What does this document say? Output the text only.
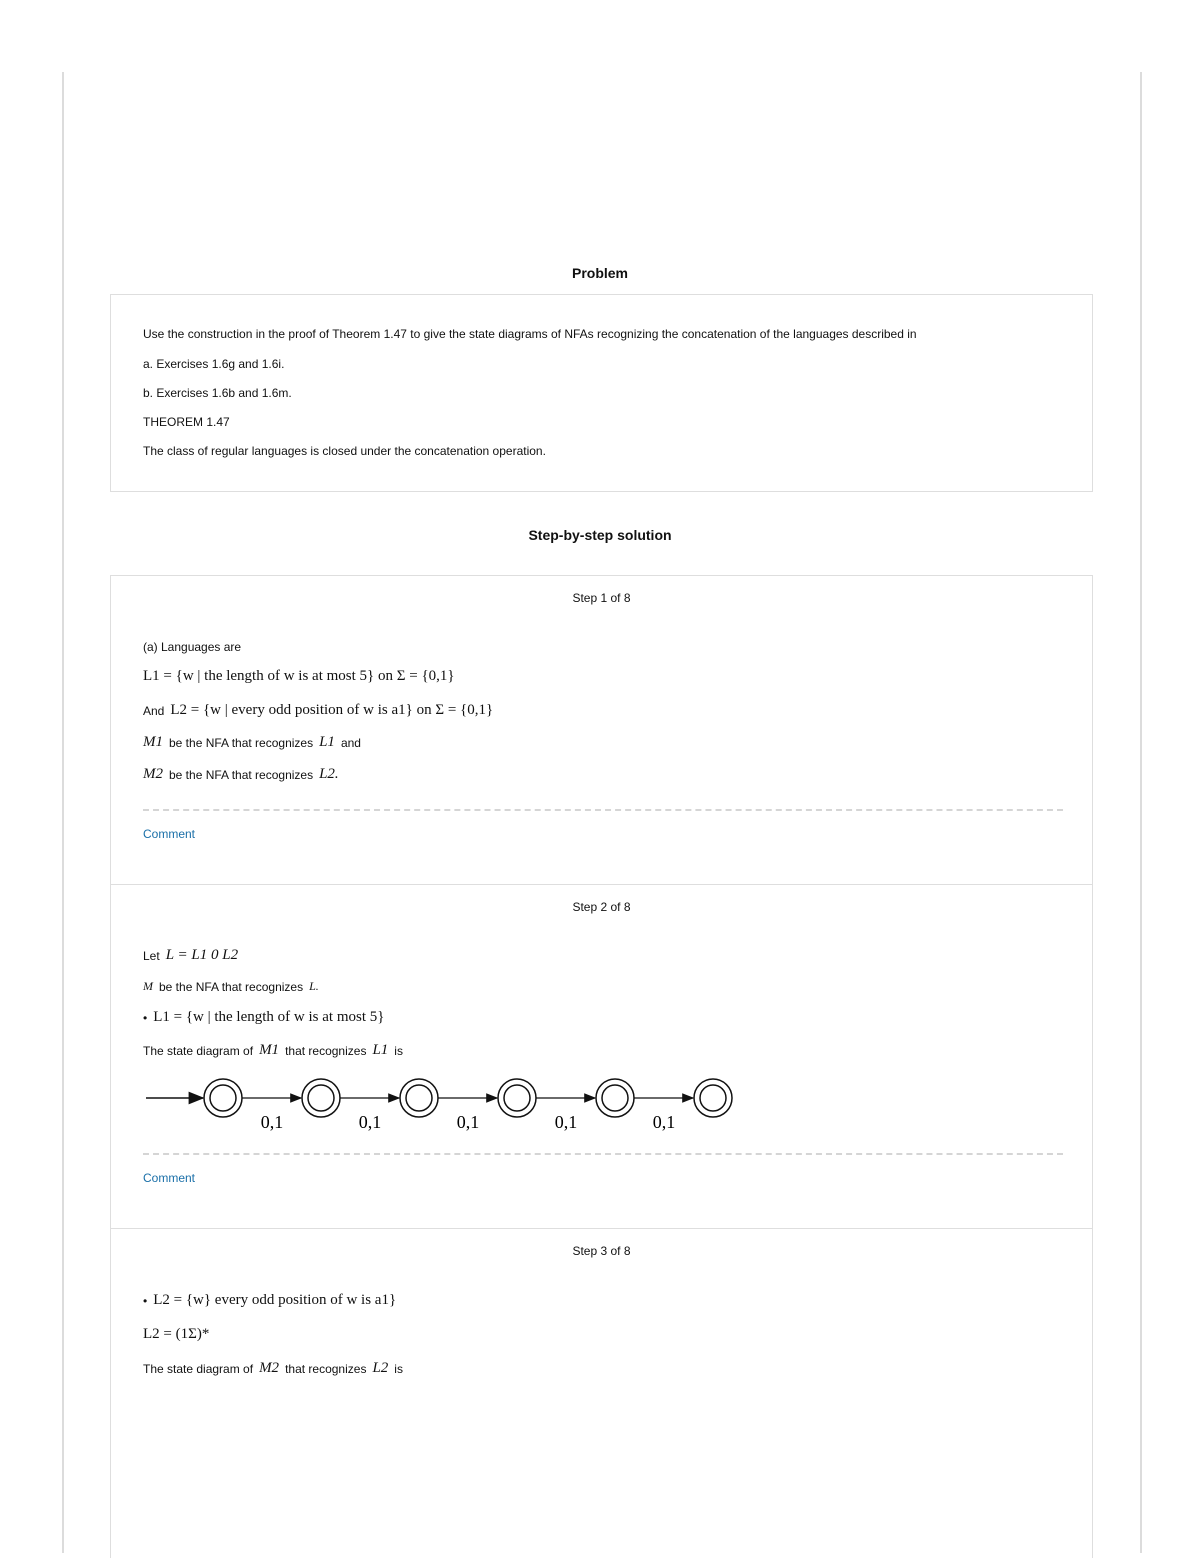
Problem
Use the construction in the proof of Theorem 1.47 to give the state diagrams of NFAs recognizing the concatenation of the languages described in
a. Exercises 1.6g and 1.6i.
b. Exercises 1.6b and 1.6m.
THEOREM 1.47
The class of regular languages is closed under the concatenation operation.
Step-by-step solution
Step 1 of 8
(a) Languages are
L1 = {w | the length of w is at most 5} on Σ = {0,1}
And L2 = {w | every odd position of w is a1} on Σ = {0,1}
M1 be the NFA that recognizes L1 and
M2 be the NFA that recognizes L2.
Comment
Step 2 of 8
Let L = L1 0 L2
M be the NFA that recognizes L.
• L1 = {w | the length of w is at most 5}
The state diagram of M1 that recognizes L1 is
0,1	0,1	0,1	0,1	0,1
Comment
Step 3 of 8
• L2 = {w} every odd position of w is a1}
L2 = (1Σ)*
The state diagram of M2 that recognizes L2 is
